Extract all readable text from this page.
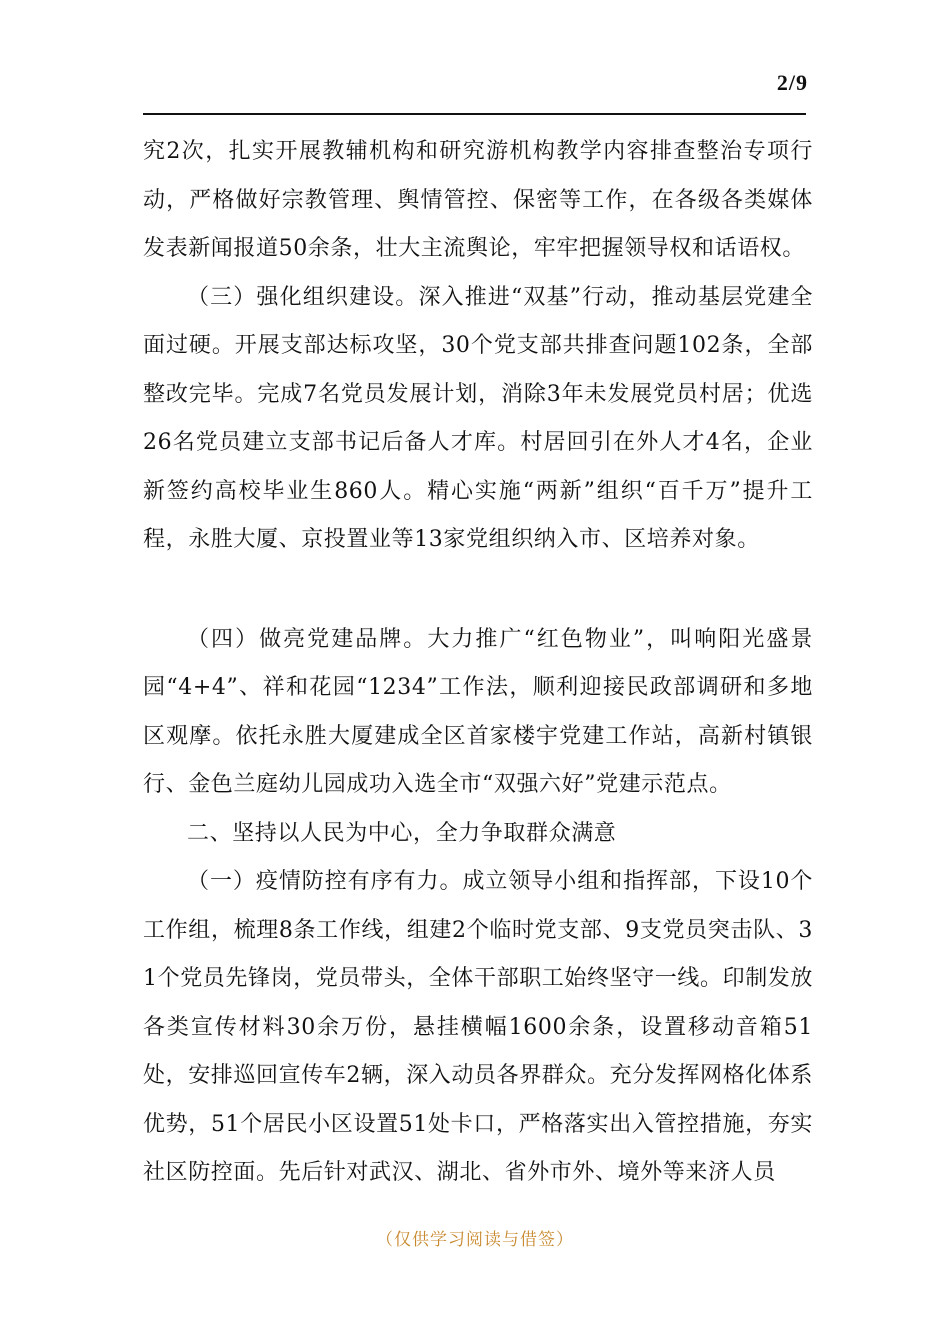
2/9

究2次，扎实开展教辅机构和研究游机构教学内容排查整治专项行动，严格做好宗教管理、舆情管控、保密等工作，在各级各类媒体发表新闻报道50余条，壮大主流舆论，牢牢把握领导权和话语权。

（三）强化组织建设。深入推进“双基”行动，推动基层党建全面过硬。开展支部达标攻坚，30个党支部共排查问题102条，全部整改完毕。完成7名党员发展计划，消除3年未发展党员村居；优选26名党员建立支部书记后备人才库。村居回引在外人才4名，企业新签约高校毕业生860人。精心实施“两新”组织“百千万”提升工程，永胜大厦、京投置业等13家党组织纳入市、区培养对象。

（四）做亮党建品牌。大力推广“红色物业”，叫响阳光盛景园“4+4”、祥和花园“1234”工作法，顺利迎接民政部调研和多地区观摩。依托永胜大厦建成全区首家楼宇党建工作站，高新村镇银行、金色兰庭幼儿园成功入选全市“双强六好”党建示范点。

二、坚持以人民为中心，全力争取群众满意

（一）疫情防控有序有力。成立领导小组和指挥部，下设10个工作组，梳理8条工作线，组建2个临时党支部、9支党员突击队、31个党员先锋岗，党员带头，全体干部职工始终坚守一线。印制发放各类宣传材料30余万份，悬挂横幅1600余条，设置移动音箱51处，安排巡回宣传车2辆，深入动员各界群众。充分发挥网格化体系优势，51个居民小区设置51处卡口，严格落实出入管控措施，夯实社区防控面。先后针对武汉、湖北、省外市外、境外等来济人员

（仅供学习阅读与借签）
